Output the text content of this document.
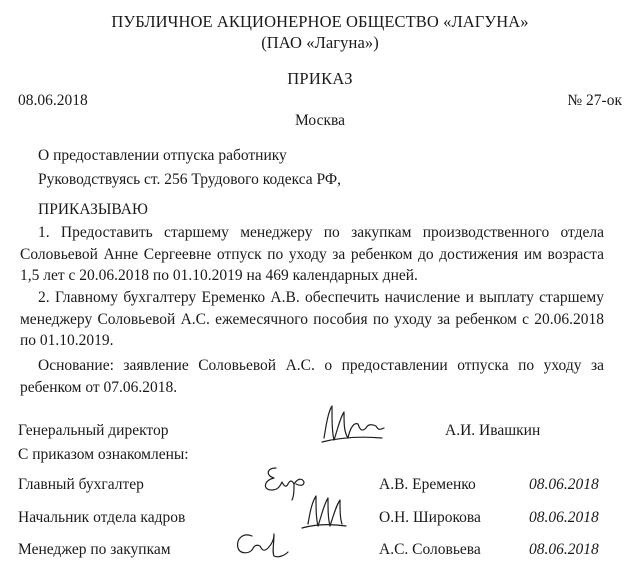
ПУБЛИЧНОЕ АКЦИОНЕРНОЕ ОБЩЕСТВО «ЛАГУНА»
(ПАО «Лагуна»)
ПРИКАЗ
08.06.2018	№ 27-ок
Москва
О предоставлении отпуска работнику
Руководствуясь ст. 256 Трудового кодекса РФ,
ПРИКАЗЫВАЮ
1. Предоставить старшему менеджеру по закупкам производственного отдела Соловьевой Анне Сергеевне отпуск по уходу за ребенком до достижения им возраста 1,5 лет с 20.06.2018 по 01.10.2019 на 469 календарных дней.
2. Главному бухгалтеру Еременко А.В. обеспечить начисление и выплату старшему менеджеру Соловьевой А.С. ежемесячного пособия по уходу за ребенком с 20.06.2018 по 01.10.2019.
Основание: заявление Соловьевой А.С. о предоставлении отпуска по уходу за ребенком от 07.06.2018.
Генеральный директор	А.И. Ивашкин
С приказом ознакомлены:
Главный бухгалтер	А.В. Еременко	08.06.2018
Начальник отдела кадров	О.Н. Широкова	08.06.2018
Менеджер по закупкам	А.С. Соловьева	08.06.2018
